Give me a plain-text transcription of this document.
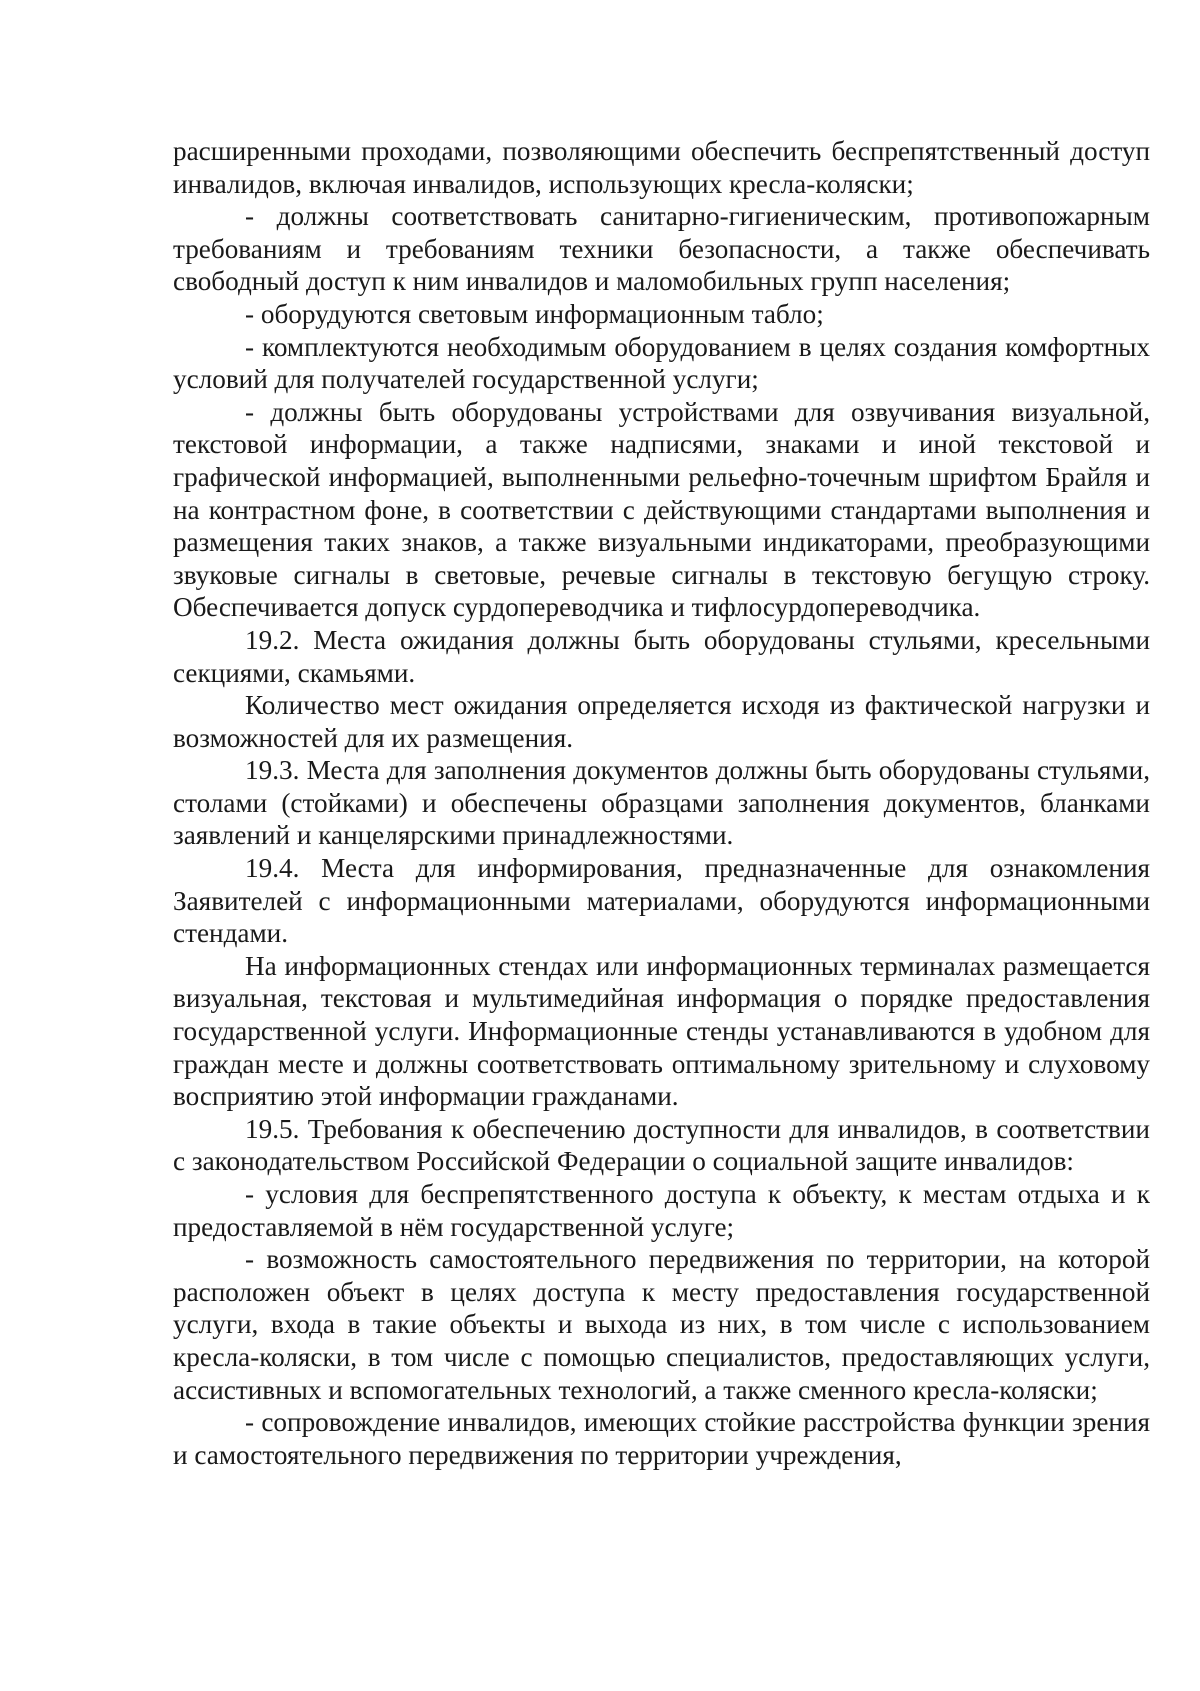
расширенными проходами, позволяющими обеспечить беспрепятственный доступ инвалидов, включая инвалидов, использующих кресла-коляски;

- должны соответствовать санитарно-гигиеническим, противопожарным требованиям и требованиям техники безопасности, а также обеспечивать свободный доступ к ним инвалидов и маломобильных групп населения;

- оборудуются световым информационным табло;

- комплектуются необходимым оборудованием в целях создания комфортных условий для получателей государственной услуги;

- должны быть оборудованы устройствами для озвучивания визуальной, текстовой информации, а также надписями, знаками и иной текстовой и графической информацией, выполненными рельефно-точечным шрифтом Брайля и на контрастном фоне, в соответствии с действующими стандартами выполнения и размещения таких знаков, а также визуальными индикаторами, преобразующими звуковые сигналы в световые, речевые сигналы в текстовую бегущую строку. Обеспечивается допуск сурдопереводчика и тифлосурдопереводчика.

19.2. Места ожидания должны быть оборудованы стульями, кресельными секциями, скамьями.

Количество мест ожидания определяется исходя из фактической нагрузки и возможностей для их размещения.

19.3. Места для заполнения документов должны быть оборудованы стульями, столами (стойками) и обеспечены образцами заполнения документов, бланками заявлений и канцелярскими принадлежностями.

19.4. Места для информирования, предназначенные для ознакомления Заявителей с информационными материалами, оборудуются информационными стендами.

На информационных стендах или информационных терминалах размещается визуальная, текстовая и мультимедийная информация о порядке предоставления государственной услуги. Информационные стенды устанавливаются в удобном для граждан месте и должны соответствовать оптимальному зрительному и слуховому восприятию этой информации гражданами.

19.5. Требования к обеспечению доступности для инвалидов, в соответствии с законодательством Российской Федерации о социальной защите инвалидов:

- условия для беспрепятственного доступа к объекту, к местам отдыха и к предоставляемой в нём государственной услуге;

- возможность самостоятельного передвижения по территории, на которой расположен объект в целях доступа к месту предоставления государственной услуги, входа в такие объекты и выхода из них, в том числе с использованием кресла-коляски, в том числе с помощью специалистов, предоставляющих услуги, ассистивных и вспомогательных технологий, а также сменного кресла-коляски;

- сопровождение инвалидов, имеющих стойкие расстройства функции зрения и самостоятельного передвижения по территории учреждения,
